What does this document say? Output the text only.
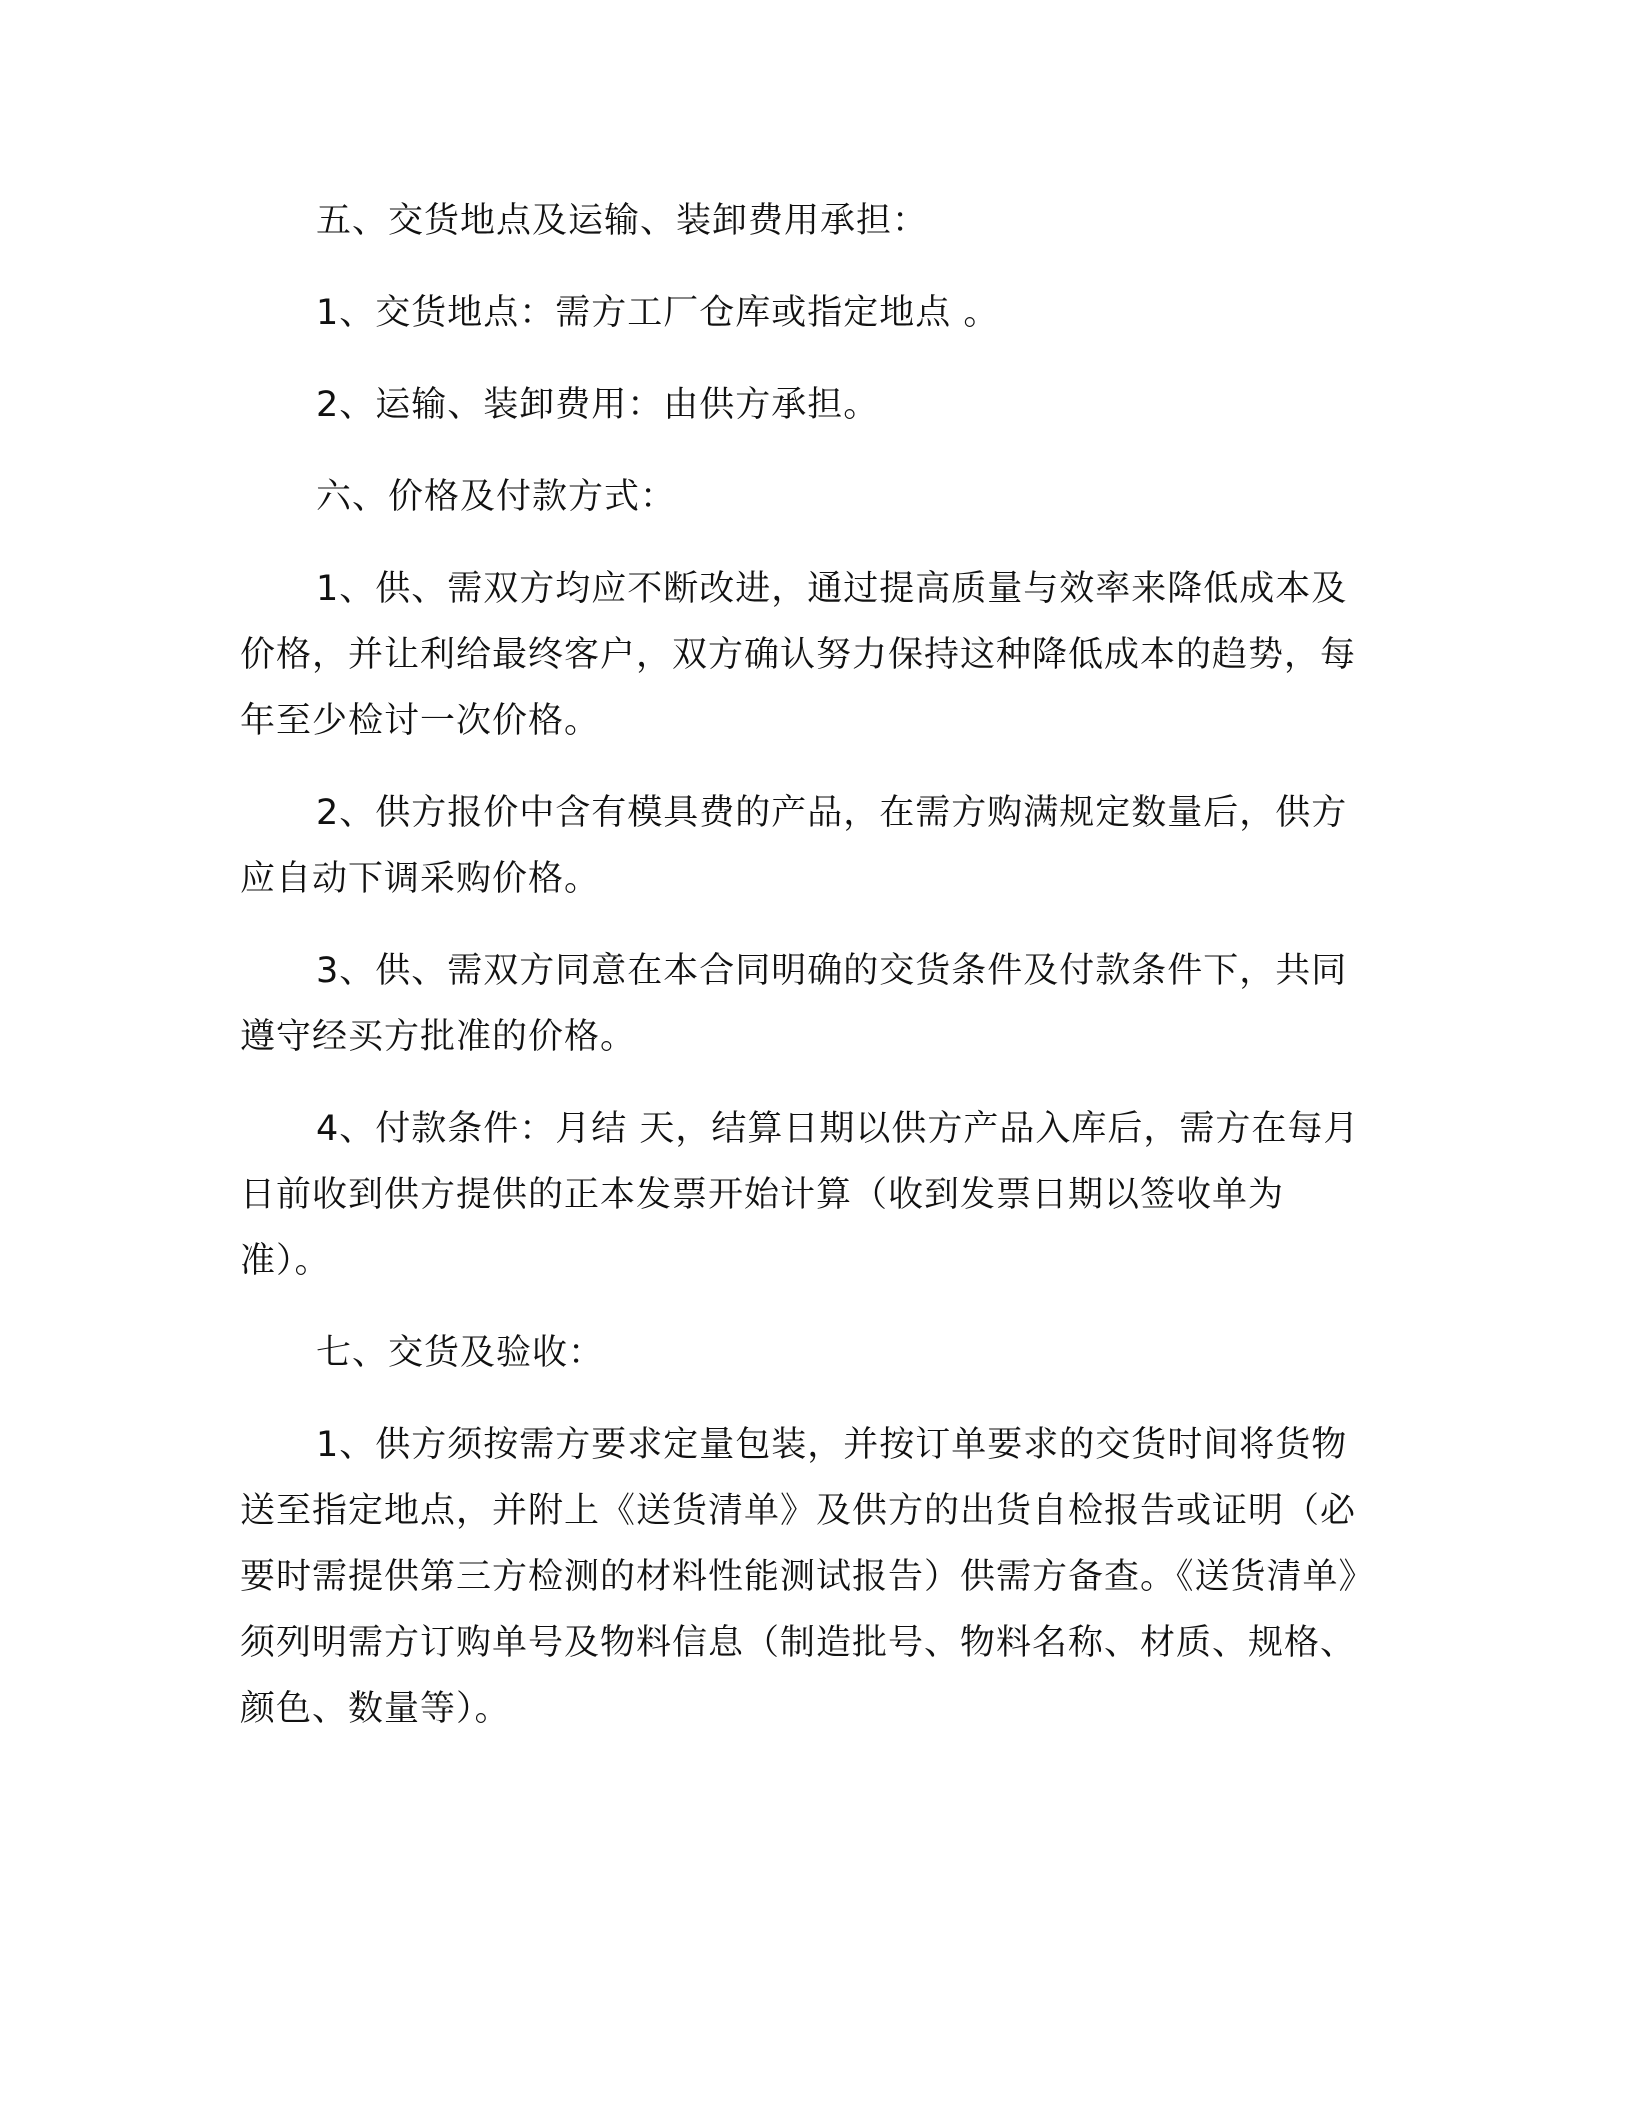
五、交货地点及运输、装卸费用承担：

1、交货地点：需方工厂仓库或指定地点 。

2、运输、装卸费用：由供方承担。

六、价格及付款方式：

1、供、需双方均应不断改进，通过提高质量与效率来降低成本及价格，并让利给最终客户，双方确认努力保持这种降低成本的趋势，每年至少检讨一次价格。

2、供方报价中含有模具费的产品，在需方购满规定数量后，供方应自动下调采购价格。

3、供、需双方同意在本合同明确的交货条件及付款条件下，共同遵守经买方批准的价格。

4、付款条件：月结 天，结算日期以供方产品入库后，需方在每月日前收到供方提供的正本发票开始计算（收到发票日期以签收单为准）。

七、交货及验收：

1、供方须按需方要求定量包装，并按订单要求的交货时间将货物送至指定地点，并附上《送货清单》及供方的出货自检报告或证明（必要时需提供第三方检测的材料性能测试报告）供需方备查。《送货清单》须列明需方订购单号及物料信息（制造批号、物料名称、材质、规格、颜色、数量等）。
